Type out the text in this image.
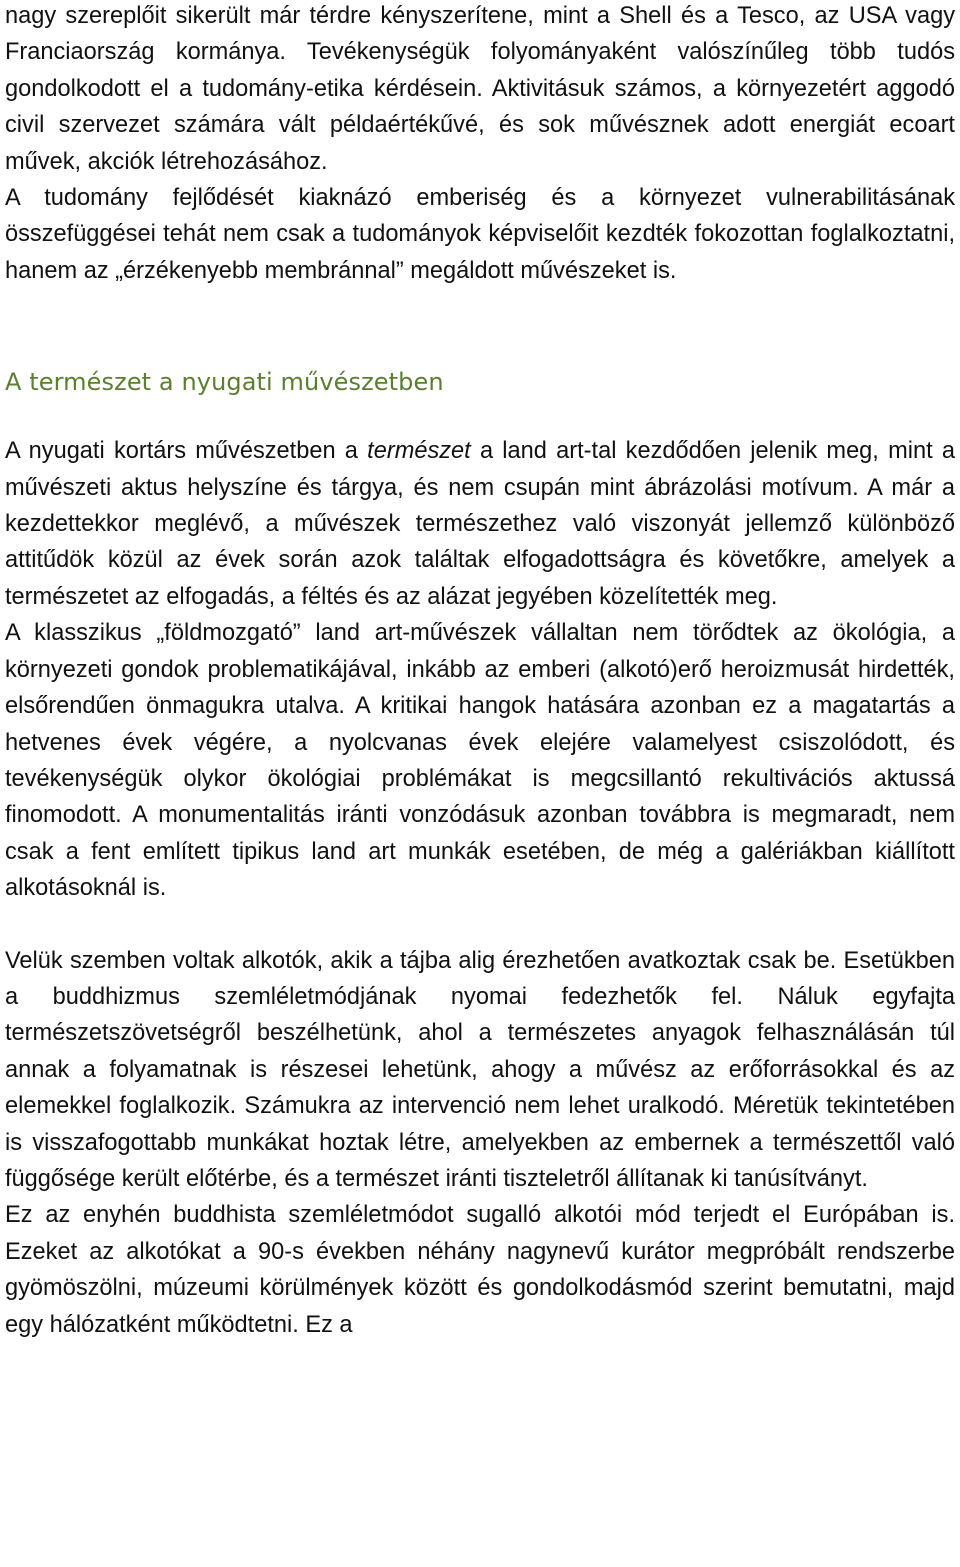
nagy szereplőit sikerült már térdre kényszerítene, mint a Shell és a Tesco, az USA vagy Franciaország kormánya. Tevékenységük folyományaként valószínűleg több tudós gondolkodott el a tudomány-etika kérdésein. Aktivitásuk számos, a környezetért aggodó civil szervezet számára vált példaértékűvé, és sok művésznek adott energiát ecoart művek, akciók létrehozásához.

A tudomány fejlődését kiaknázó emberiség és a környezet vulnerabilitásának összefüggései tehát nem csak a tudományok képviselőit kezdték fokozottan foglalkoztatni, hanem az „érzékenyebb membránnal” megáldott művészeket is.

A természet a nyugati művészetben

A nyugati kortárs művészetben a természet a land art-tal kezdődően jelenik meg, mint a művészeti aktus helyszíne és tárgya, és nem csupán mint ábrázolási motívum. A már a kezdettekkor meglévő, a művészek természethez való viszonyát jellemző különböző attitűdök közül az évek során azok találtak elfogadottságra és követőkre, amelyek a természetet az elfogadás, a féltés és az alázat jegyében közelítették meg.

A klasszikus „földmozgató” land art-művészek vállaltan nem törődtek az ökológia, a környezeti gondok problematikájával, inkább az emberi (alkotó)erő heroizmusát hirdették, elsőrendűen önmagukra utalva. A kritikai hangok hatására azonban ez a magatartás a hetvenes évek végére, a nyolcvanas évek elejére valamelyest csiszolódott, és tevékenységük olykor ökológiai problémákat is megcsillantó rekultivációs aktussá finomodott. A monumentalitás iránti vonzódásuk azonban továbbra is megmaradt, nem csak a fent említett tipikus land art munkák esetében, de még a galériákban kiállított alkotásoknál is.

Velük szemben voltak alkotók, akik a tájba alig érezhetően avatkoztak csak be. Esetükben a buddhizmus szemléletmódjának nyomai fedezhetők fel. Náluk egyfajta természetszövetségről beszélhetünk, ahol a természetes anyagok felhasználásán túl annak a folyamatnak is részesei lehetünk, ahogy a művész az erőforrásokkal és az elemekkel foglalkozik. Számukra az intervenció nem lehet uralkodó. Méretük tekintetében is visszafogottabb munkákat hoztak létre, amelyekben az embernek a természettől való függősége került előtérbe, és a természet iránti tiszteletről állítanak ki tanúsítványt.

Ez az enyhén buddhista szemléletmódot sugalló alkotói mód terjedt el Európában is. Ezeket az alkotókat a 90-s években néhány nagynevű kurátor megpróbált rendszerbe gyömöszölni, múzeumi körülmények között és gondolkodásmód szerint bemutatni, majd egy hálózatként működtetni. Ez a
